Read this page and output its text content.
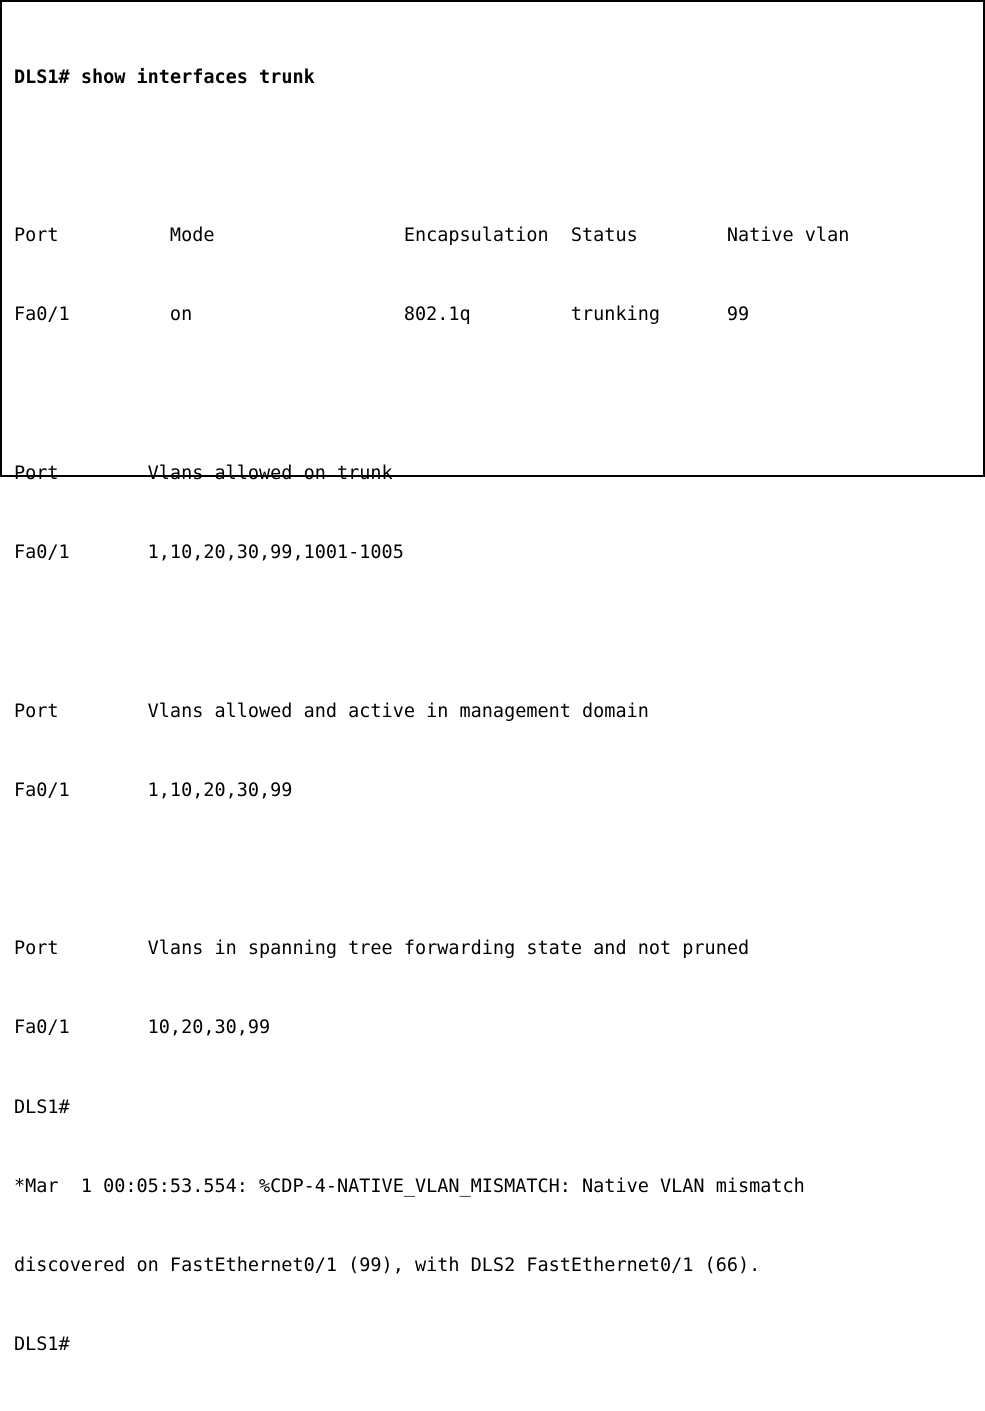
DLS1# show interfaces trunk

Port          Mode                 Encapsulation  Status        Native vlan

Fa0/1         on                   802.1q         trunking      99

Port        Vlans allowed on trunk

Fa0/1       1,10,20,30,99,1001-1005

Port        Vlans allowed and active in management domain

Fa0/1       1,10,20,30,99

Port        Vlans in spanning tree forwarding state and not pruned

Fa0/1       10,20,30,99

DLS1#

*Mar  1 00:05:53.554: %CDP-4-NATIVE_VLAN_MISMATCH: Native VLAN mismatch

discovered on FastEthernet0/1 (99), with DLS2 FastEthernet0/1 (66).

DLS1#
